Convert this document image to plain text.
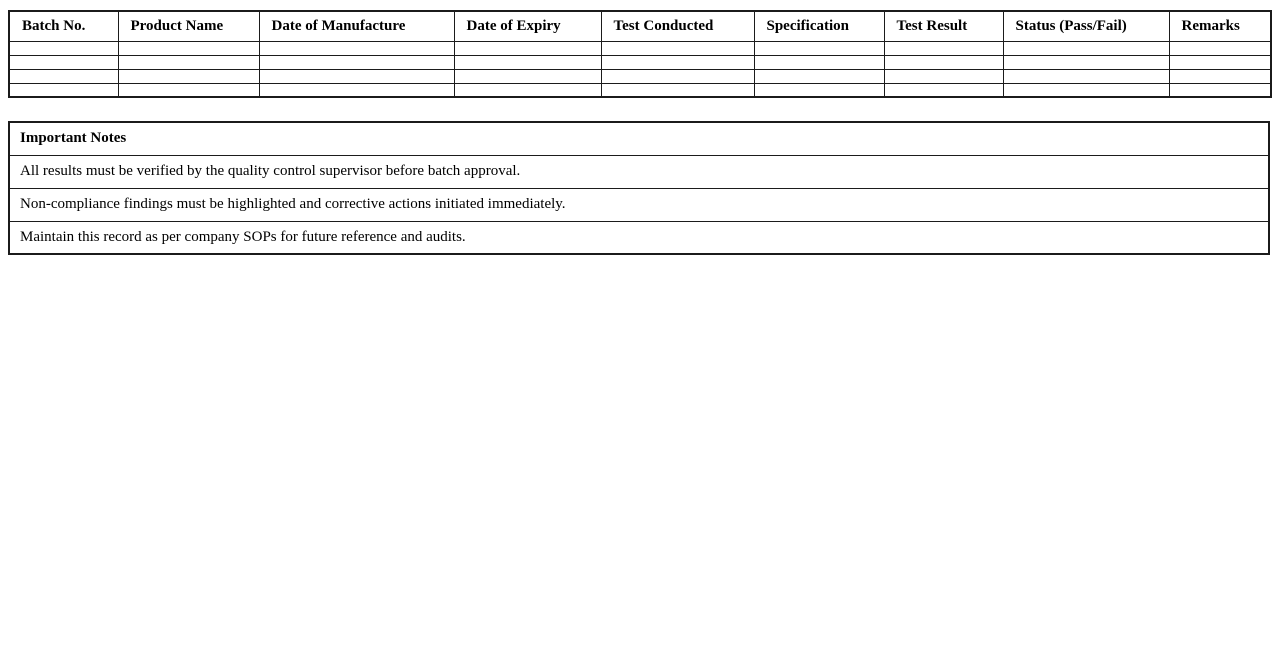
Batch No.	Product Name	Date of Manufacture	Date of Expiry	Test Conducted	Specification	Test Result	Status (Pass/Fail)	Remarks

Important Notes
All results must be verified by the quality control supervisor before batch approval.
Non-compliance findings must be highlighted and corrective actions initiated immediately.
Maintain this record as per company SOPs for future reference and audits.
